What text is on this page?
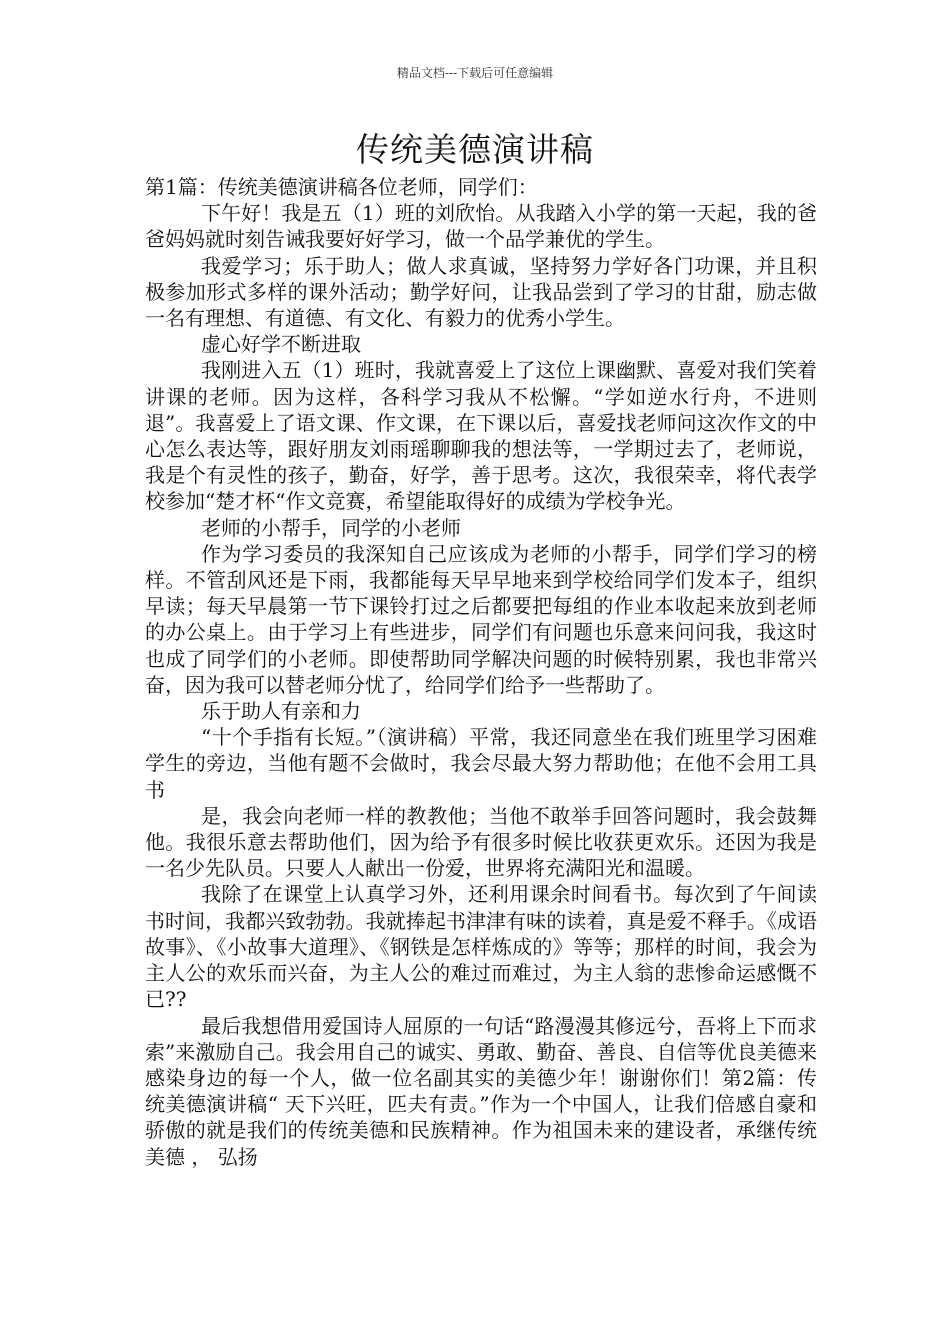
精品文档---下载后可任意编辑
传统美德演讲稿

第1篇：传统美德演讲稿各位老师，同学们：

下午好！我是五（1）班的刘欣怡。从我踏入小学的第一天起，我的爸爸妈妈就时刻告诫我要好好学习，做一个品学兼优的学生。

我爱学习；乐于助人；做人求真诚，坚持努力学好各门功课，并且积极参加形式多样的课外活动；勤学好问，让我品尝到了学习的甘甜，励志做一名有理想、有道德、有文化、有毅力的优秀小学生。

虚心好学不断进取

我刚进入五（1）班时，我就喜爱上了这位上课幽默、喜爱对我们笑着讲课的老师。因为这样，各科学习我从不松懈。“学如逆水行舟，不进则退”。我喜爱上了语文课、作文课，在下课以后，喜爱找老师问这次作文的中心怎么表达等，跟好朋友刘雨瑶聊聊我的想法等，一学期过去了，老师说，我是个有灵性的孩子，勤奋，好学，善于思考。这次，我很荣幸，将代表学校参加“楚才杯“作文竞赛，希望能取得好的成绩为学校争光。

老师的小帮手，同学的小老师

作为学习委员的我深知自己应该成为老师的小帮手，同学们学习的榜样。不管刮风还是下雨，我都能每天早早地来到学校给同学们发本子，组织早读；每天早晨第一节下课铃打过之后都要把每组的作业本收起来放到老师的办公桌上。由于学习上有些进步，同学们有问题也乐意来问问我，我这时也成了同学们的小老师。即使帮助同学解决问题的时候特别累，我也非常兴奋，因为我可以替老师分忧了，给同学们给予一些帮助了。

乐于助人有亲和力

“十个手指有长短。”（演讲稿）平常，我还同意坐在我们班里学习困难学生的旁边，当他有题不会做时，我会尽最大努力帮助他；在他不会用工具书

是，我会向老师一样的教教他；当他不敢举手回答问题时，我会鼓舞他。我很乐意去帮助他们，因为给予有很多时候比收获更欢乐。还因为我是一名少先队员。只要人人献出一份爱，世界将充满阳光和温暖。

我除了在课堂上认真学习外，还利用课余时间看书。每次到了午间读书时间，我都兴致勃勃。我就捧起书津津有味的读着，真是爱不释手。《成语故事》、《小故事大道理》、《钢铁是怎样炼成的》等等；那样的时间，我会为主人公的欢乐而兴奋，为主人公的难过而难过，为主人翁的悲惨命运感慨不已??

最后我想借用爱国诗人屈原的一句话“路漫漫其修远兮，吾将上下而求索”来激励自己。我会用自己的诚实、勇敢、勤奋、善良、自信等优良美德来感染身边的每一个人，做一位名副其实的美德少年！谢谢你们！第2篇：传统美德演讲稿“ 天下兴旺，匹夫有责。”作为一个中国人，让我们倍感自豪和骄傲的就是我们的传统美德和民族精神。作为祖国未来的建设者，承继传统美德 ， 弘扬
